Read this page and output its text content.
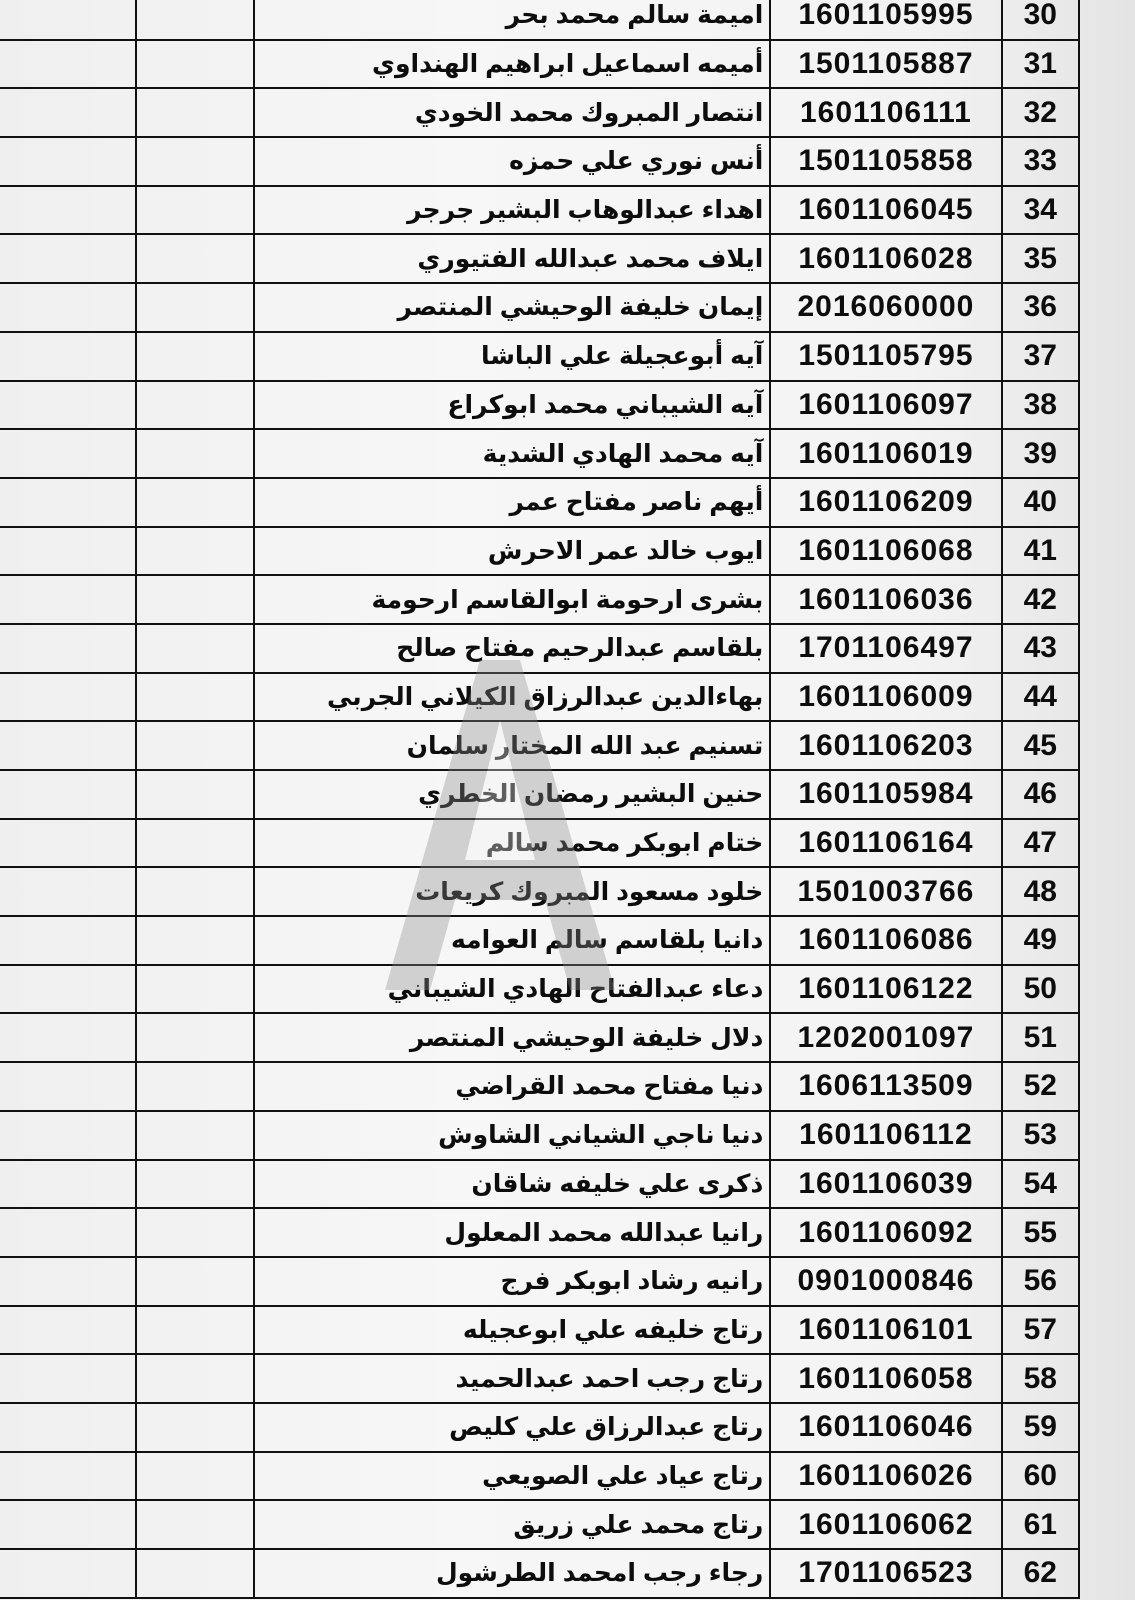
		اميمة سالم محمد بحر	1601105995	30
		أميمه اسماعيل ابراهيم الهنداوي	1501105887	31
		انتصار المبروك محمد الخودي	1601106111	32
		أنس نوري علي حمزه	1501105858	33
		اهداء عبدالوهاب البشير جرجر	1601106045	34
		ايلاف محمد عبدالله الفتيوري	1601106028	35
		إيمان خليفة الوحيشي المنتصر	2016060000	36
		آيه أبوعجيلة علي الباشا	1501105795	37
		آيه الشيباني محمد ابوكراع	1601106097	38
		آيه محمد الهادي الشدية	1601106019	39
		أيهم ناصر مفتاح عمر	1601106209	40
		ايوب خالد عمر الاحرش	1601106068	41
		بشرى ارحومة ابوالقاسم ارحومة	1601106036	42
		بلقاسم عبدالرحيم مفتاح صالح	1701106497	43
		بهاءالدين عبدالرزاق الكيلاني الجربي	1601106009	44
		تسنيم عبد الله المختار سلمان	1601106203	45
		حنين البشير رمضان الخطري	1601105984	46
		ختام ابوبكر محمد سالم	1601106164	47
		خلود مسعود المبروك كريعات	1501003766	48
		دانيا بلقاسم سالم العوامه	1601106086	49
		دعاء عبدالفتاح الهادي الشيباني	1601106122	50
		دلال خليفة الوحيشي المنتصر	1202001097	51
		دنيا مفتاح محمد القراضي	1606113509	52
		دنيا ناجي الشياني الشاوش	1601106112	53
		ذكرى علي خليفه شاقان	1601106039	54
		رانيا عبدالله محمد المعلول	1601106092	55
		رانيه رشاد ابوبكر فرج	0901000846	56
		رتاج خليفه علي ابوعجيله	1601106101	57
		رتاج رجب احمد عبدالحميد	1601106058	58
		رتاج عبدالرزاق علي كليص	1601106046	59
		رتاج عياد علي الصويعي	1601106026	60
		رتاج محمد علي زريق	1601106062	61
		رجاء رجب امحمد الطرشول	1701106523	62
